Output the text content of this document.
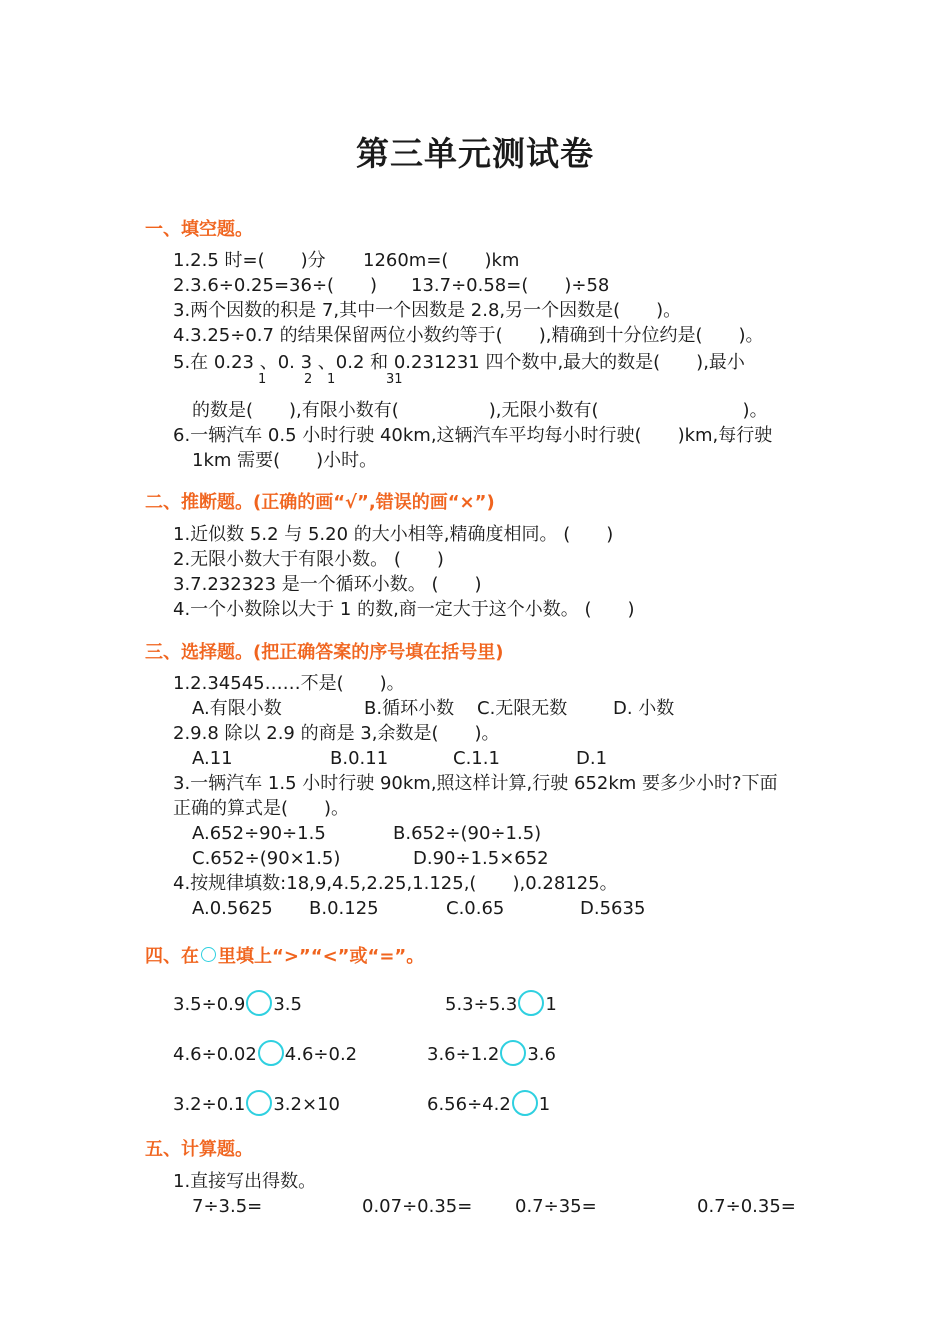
第三单元测试卷
一、填空题。
1.2.5 时=(　　)分 1260m=(　　)km
2.3.6÷0.25=36÷(　　) 13.7÷0.58=(　　)÷58
3.两个因数的积是 7,其中一个因数是 2.8,另一个因数是(　　)。
4.3.25÷0.7 的结果保留两位小数约等于(　　),精确到十分位约是(　　)。
5.在 0.23 、0. 3 、0.2 和 0.231231 四个数中,最大的数是(　　),最小
1	2 1	31
的数是(　　),有限小数有(　　　　　),无限小数有(　　　　　　　　)。
6.一辆汽车 0.5 小时行驶 40km,这辆汽车平均每小时行驶(　　)km,每行驶
1km 需要(　　)小时。
二、推断题。(正确的画“√”,错误的画“×”)
1.近似数 5.2 与 5.20 的大小相等,精确度相同。 (　　)
2.无限小数大于有限小数。 (　　)
3.7.232323 是一个循环小数。 (　　)
4.一个小数除以大于 1 的数,商一定大于这个小数。 (　　)
三、选择题。(把正确答案的序号填在括号里)
1.2.34545……不是(　　)。
A.有限小数	B.循环小数 C.无限无数	D. 小数
2.9.8 除以 2.9 的商是 3,余数是(　　)。
A.11	B.0.11	C.1.1	D.1
3.一辆汽车 1.5 小时行驶 90km,照这样计算,行驶 652km 要多少小时?下面
正确的算式是(　　)。
A.652÷90÷1.5	B.652÷(90÷1.5)
C.652÷(90×1.5)	D.90÷1.5×652
4.按规律填数:18,9,4.5,2.25,1.125,(　　),0.28125。
A.0.5625 B.0.125	C.0.65	D.5635
四、在 里填上“>”“<”或“=”。
3.5÷0.9 3.5	5.3÷5.3 1
4.6÷0.02 4.6÷0.2	3.6÷1.2 3.6
3.2÷0.1 3.2×10	6.56÷4.2 1
五、计算题。
1.直接写出得数。
7÷3.5=	0.07÷0.35= 0.7÷35=	0.7÷0.35=
